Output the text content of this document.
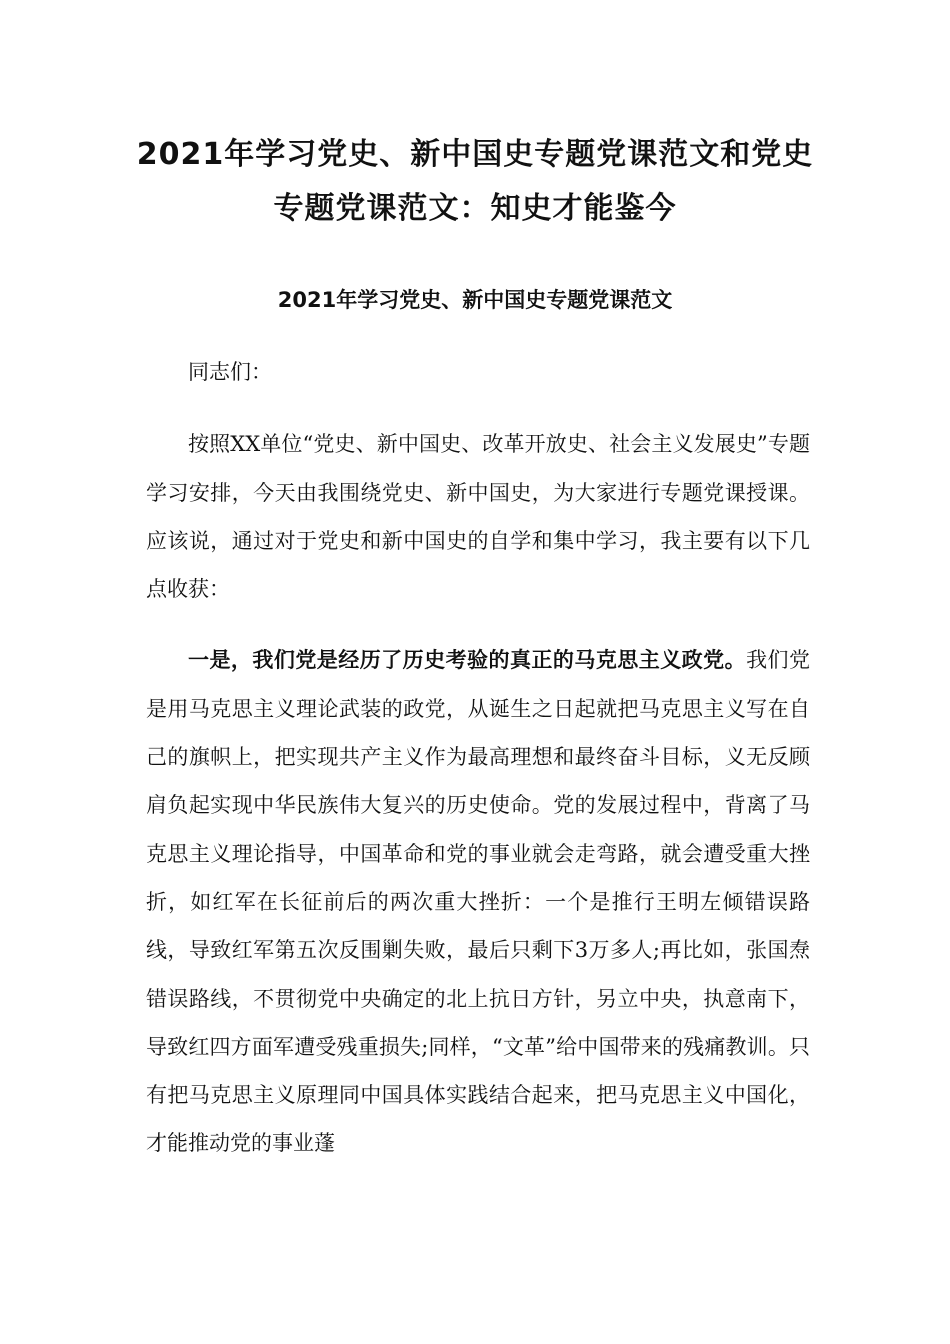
2021年学习党史、新中国史专题党课范文和党史专题党课范文：知史才能鉴今
2021年学习党史、新中国史专题党课范文

同志们：

按照XX单位“党史、新中国史、改革开放史、社会主义发展史”专题学习安排，今天由我围绕党史、新中国史，为大家进行专题党课授课。应该说，通过对于党史和新中国史的自学和集中学习，我主要有以下几点收获：

一是，我们党是经历了历史考验的真正的马克思主义政党。我们党是用马克思主义理论武装的政党，从诞生之日起就把马克思主义写在自己的旗帜上，把实现共产主义作为最高理想和最终奋斗目标，义无反顾肩负起实现中华民族伟大复兴的历史使命。党的发展过程中，背离了马克思主义理论指导，中国革命和党的事业就会走弯路，就会遭受重大挫折，如红军在长征前后的两次重大挫折：一个是推行王明左倾错误路线，导致红军第五次反围剿失败，最后只剩下3万多人;再比如，张国焘错误路线，不贯彻党中央确定的北上抗日方针，另立中央，执意南下，导致红四方面军遭受残重损失;同样，“文革”给中国带来的残痛教训。只有把马克思主义原理同中国具体实践结合起来，把马克思主义中国化，才能推动党的事业蓬
